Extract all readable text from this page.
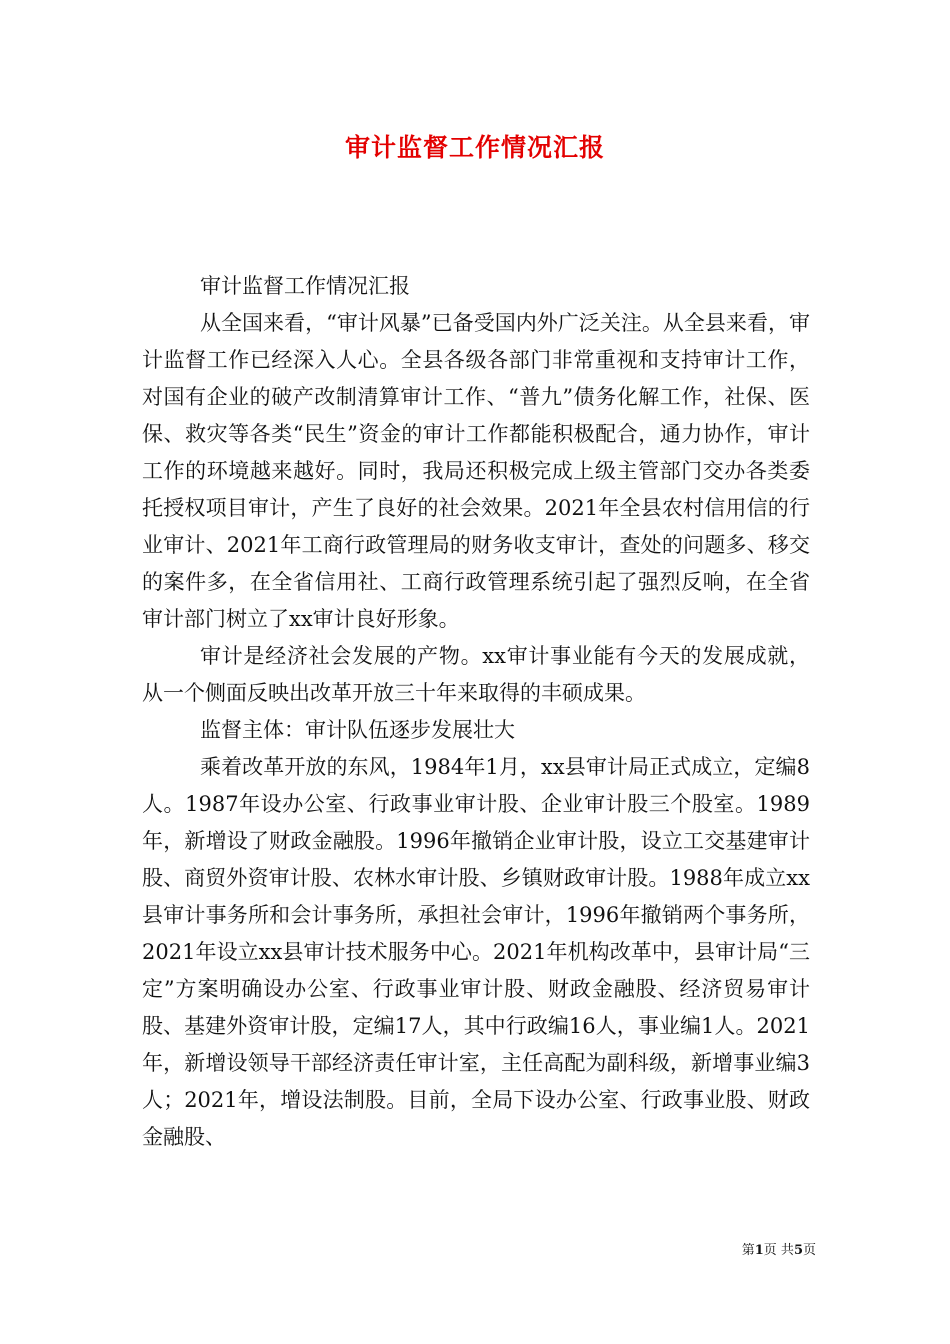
审计监督工作情况汇报

审计监督工作情况汇报

从全国来看，“审计风暴”已备受国内外广泛关注。从全县来看，审计监督工作已经深入人心。全县各级各部门非常重视和支持审计工作，对国有企业的破产改制清算审计工作、“普九”债务化解工作，社保、医保、救灾等各类“民生”资金的审计工作都能积极配合，通力协作，审计工作的环境越来越好。同时，我局还积极完成上级主管部门交办各类委托授权项目审计，产生了良好的社会效果。2021年全县农村信用信的行业审计、2021年工商行政管理局的财务收支审计，查处的问题多、移交的案件多，在全省信用社、工商行政管理系统引起了强烈反响，在全省审计部门树立了xx审计良好形象。

审计是经济社会发展的产物。xx审计事业能有今天的发展成就，从一个侧面反映出改革开放三十年来取得的丰硕成果。

监督主体：审计队伍逐步发展壮大

乘着改革开放的东风，1984年1月，xx县审计局正式成立，定编8人。1987年设办公室、行政事业审计股、企业审计股三个股室。1989年，新增设了财政金融股。1996年撤销企业审计股，设立工交基建审计股、商贸外资审计股、农林水审计股、乡镇财政审计股。1988年成立xx县审计事务所和会计事务所，承担社会审计，1996年撤销两个事务所，2021年设立xx县审计技术服务中心。2021年机构改革中，县审计局“三定”方案明确设办公室、行政事业审计股、财政金融股、经济贸易审计股、基建外资审计股，定编17人，其中行政编16人，事业编1人。2021年，新增设领导干部经济责任审计室，主任高配为副科级，新增事业编3人；2021年，增设法制股。目前，全局下设办公室、行政事业股、财政金融股、

第1页 共5页
